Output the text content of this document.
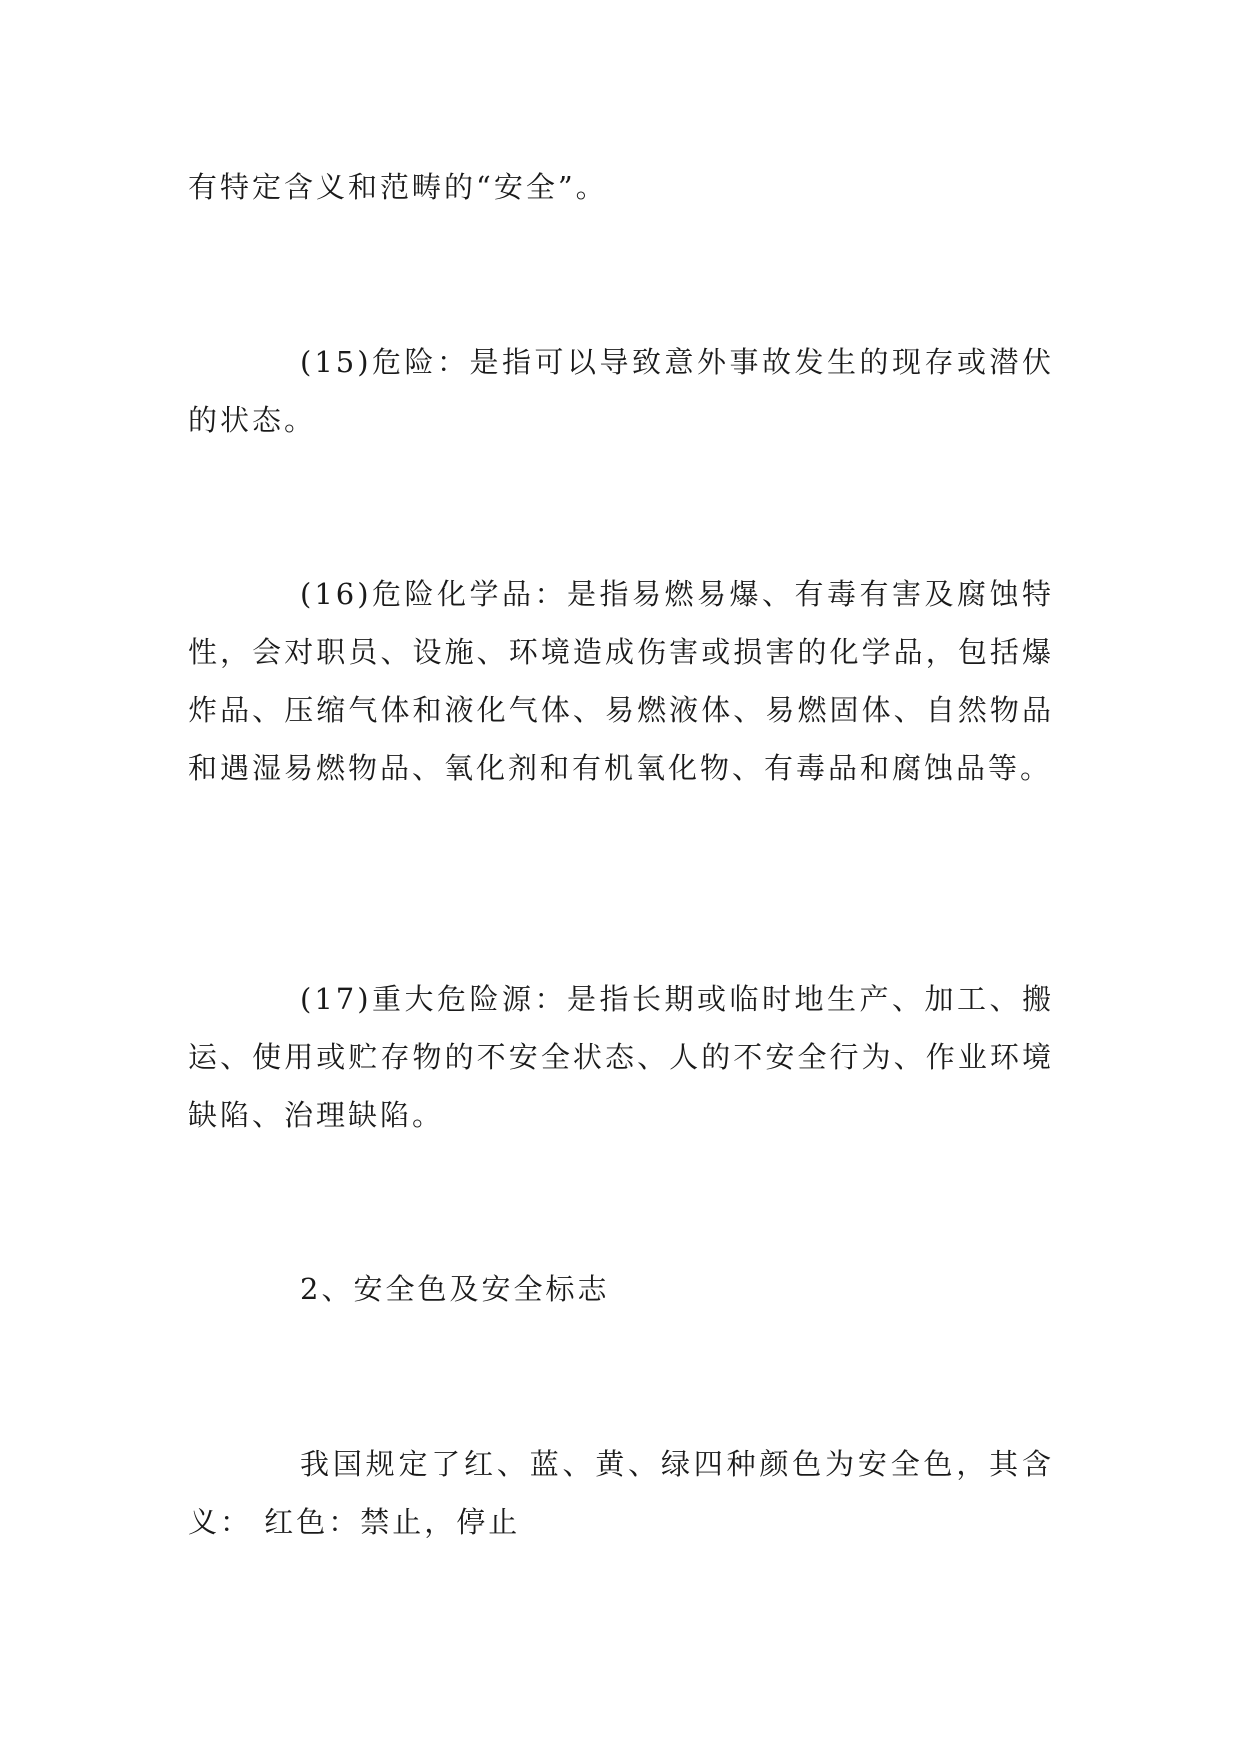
有特定含义和范畴的“安全”。

(15)危险：是指可以导致意外事故发生的现存或潜伏的状态。

(16)危险化学品：是指易燃易爆、有毒有害及腐蚀特性，会对职员、设施、环境造成伤害或损害的化学品，包括爆炸品、压缩气体和液化气体、易燃液体、易燃固体、自然物品和遇湿易燃物品、氧化剂和有机氧化物、有毒品和腐蚀品等。

(17)重大危险源：是指长期或临时地生产、加工、搬运、使用或贮存物的不安全状态、人的不安全行为、作业环境缺陷、治理缺陷。

2、安全色及安全标志

我国规定了红、蓝、黄、绿四种颜色为安全色，其含义： 红色：禁止，停止
